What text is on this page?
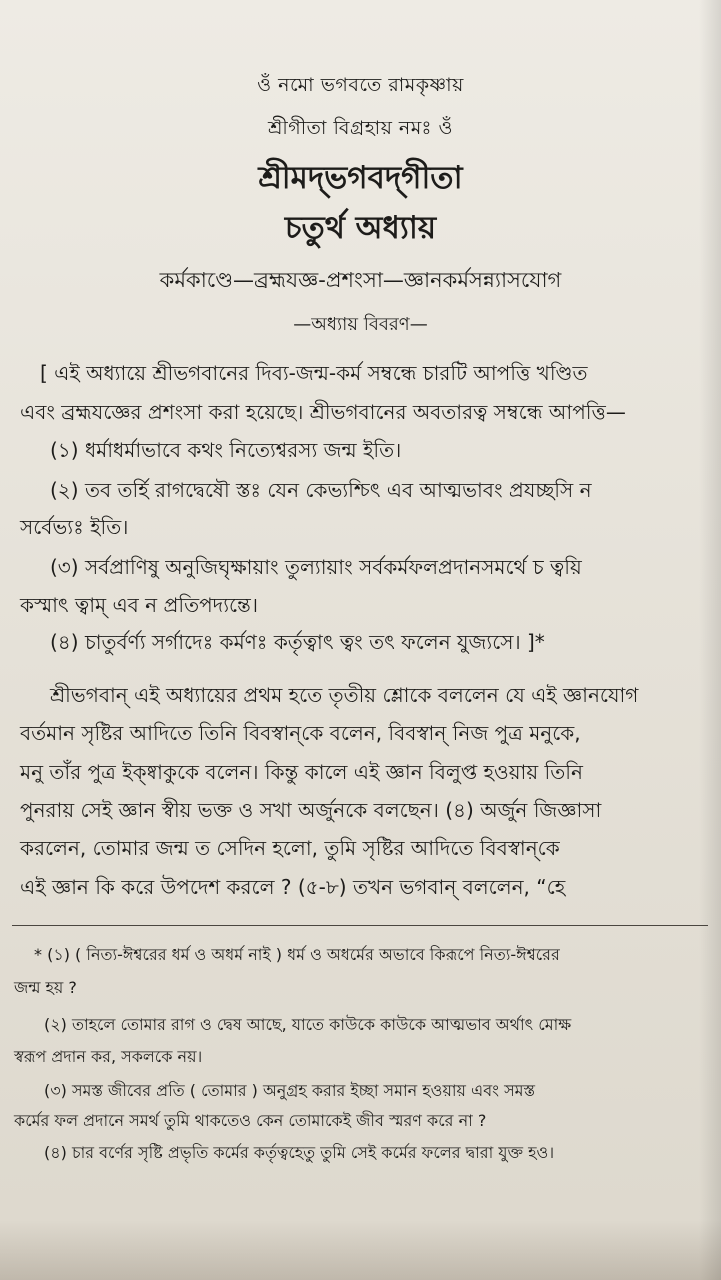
ওঁ নমো ভগবতে রামকৃষ্ণায়
শ্রীগীতা বিগ্রহায় নমঃ ওঁ
শ্রীমদ্‌ভগবদ্‌গীতা
চতুর্থ অধ্যায়
কর্মকাণ্ডে—ব্রহ্মযজ্ঞ-প্রশংসা—জ্ঞানকর্মসন্ন্যাসযোগ
—অধ্যায় বিবরণ—
[ এই অধ্যায়ে শ্রীভগবানের দিব্য-জন্ম-কর্ম সম্বন্ধে চারটি আপত্তি খণ্ডিত
এবং ব্রহ্মযজ্ঞের প্রশংসা করা হয়েছে। শ্রীভগবানের অবতারত্ব সম্বন্ধে আপত্তি—
(১) ধর্মাধর্মাভাবে কথং নিত্যেশ্বরস্য জন্ম ইতি।
(২) তব তর্হি রাগদ্বেষৌ স্তঃ যেন কেভ্যশ্চিৎ এব আত্মভাবং প্রযচ্ছসি ন
সর্বেভ্যঃ ইতি।
(৩) সর্বপ্রাণিষু অনুজিঘৃক্ষায়াং তুল্যায়াং সর্বকর্মফলপ্রদানসমর্থে চ ত্বয়ি
কস্মাৎ ত্বাম্ এব ন প্রতিপদ্যন্তে।
(৪) চাতুর্বর্ণ্য সর্গাদেঃ কর্মণঃ কর্তৃত্বাৎ ত্বং তৎ ফলেন যুজ্যসে। ]*
শ্রীভগবান্ এই অধ্যায়ের প্রথম হতে তৃতীয় শ্লোকে বললেন যে এই জ্ঞানযোগ
বর্তমান সৃষ্টির আদিতে তিনি বিবস্বান্‌কে বলেন, বিবস্বান্ নিজ পুত্র মনুকে,
মনু তাঁর পুত্র ইক্ষ্বাকুকে বলেন। কিন্তু কালে এই জ্ঞান বিলুপ্ত হওয়ায় তিনি
পুনরায় সেই জ্ঞান স্বীয় ভক্ত ও সখা অর্জুনকে বলছেন। (৪) অর্জুন জিজ্ঞাসা
করলেন, তোমার জন্ম ত সেদিন হলো, তুমি সৃষ্টির আদিতে বিবস্বান্‌কে
এই জ্ঞান কি করে উপদেশ করলে ? (৫-৮) তখন ভগবান্ বললেন, “হে
* (১) ( নিত্য-ঈশ্বরের ধর্ম ও অধর্ম নাই ) ধর্ম ও অধর্মের অভাবে কিরূপে নিত্য-ঈশ্বরের
জন্ম হয় ?
(২) তাহলে তোমার রাগ ও দ্বেষ আছে, যাতে কাউকে কাউকে আত্মভাব অর্থাৎ মোক্ষ
স্বরূপ প্রদান কর, সকলকে নয়।
(৩) সমস্ত জীবের প্রতি ( তোমার ) অনুগ্রহ করার ইচ্ছা সমান হওয়ায় এবং সমস্ত
কর্মের ফল প্রদানে সমর্থ তুমি থাকতেও কেন তোমাকেই জীব স্মরণ করে না ?
(৪) চার বর্ণের সৃষ্টি প্রভৃতি কর্মের কর্তৃত্বহেতু তুমি সেই কর্মের ফলের দ্বারা যুক্ত হও।
